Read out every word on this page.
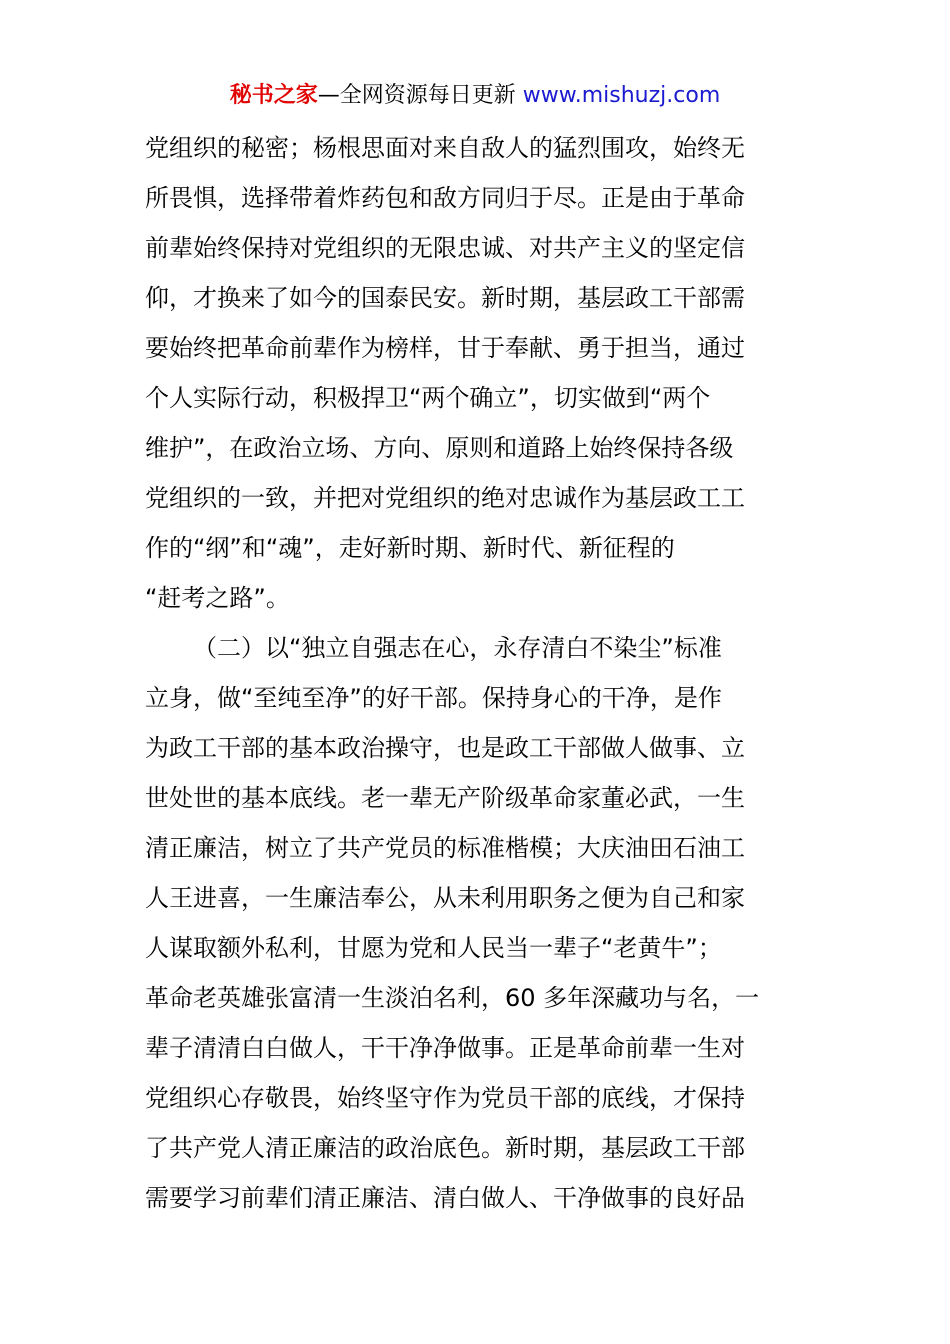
秘书之家—全网资源每日更新 www.mishuzj.com
党组织的秘密；杨根思面对来自敌人的猛烈围攻，始终无
所畏惧，选择带着炸药包和敌方同归于尽。正是由于革命
前辈始终保持对党组织的无限忠诚、对共产主义的坚定信
仰，才换来了如今的国泰民安。新时期，基层政工干部需
要始终把革命前辈作为榜样，甘于奉献、勇于担当，通过
个人实际行动，积极捍卫“两个确立”，切实做到“两个
维护”，在政治立场、方向、原则和道路上始终保持各级
党组织的一致，并把对党组织的绝对忠诚作为基层政工工
作的“纲”和“魂”，走好新时期、新时代、新征程的
“赶考之路”。
（二）以“独立自强志在心，永存清白不染尘”标准
立身，做“至纯至净”的好干部。保持身心的干净，是作
为政工干部的基本政治操守，也是政工干部做人做事、立
世处世的基本底线。老一辈无产阶级革命家董必武，一生
清正廉洁，树立了共产党员的标准楷模；大庆油田石油工
人王进喜，一生廉洁奉公，从未利用职务之便为自己和家
人谋取额外私利，甘愿为党和人民当一辈子“老黄牛”；
革命老英雄张富清一生淡泊名利，60 多年深藏功与名，一
辈子清清白白做人，干干净净做事。正是革命前辈一生对
党组织心存敬畏，始终坚守作为党员干部的底线，才保持
了共产党人清正廉洁的政治底色。新时期，基层政工干部
需要学习前辈们清正廉洁、清白做人、干净做事的良好品
